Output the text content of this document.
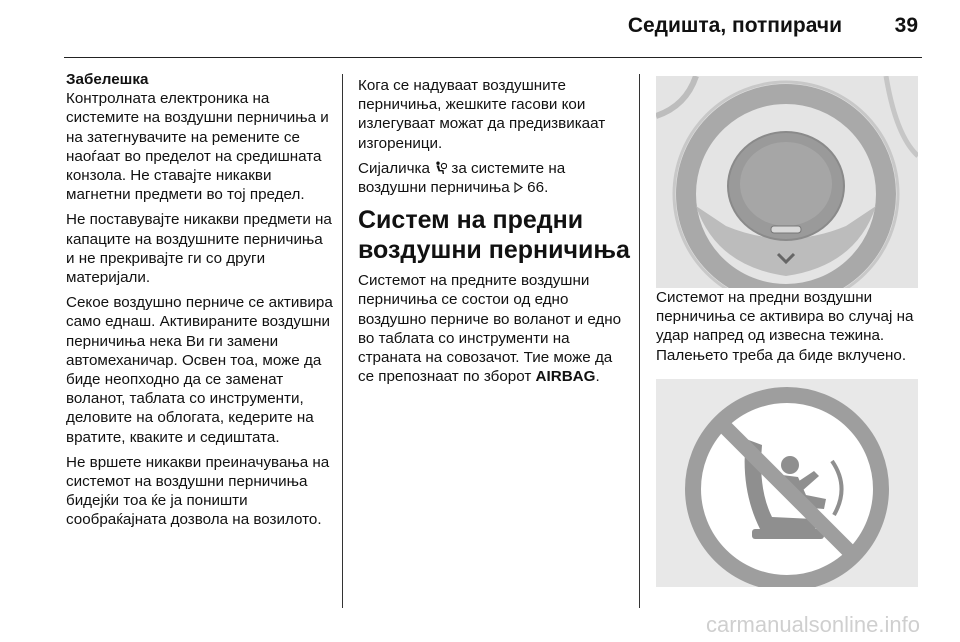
Седишта, потпирачи	39

Забелешка

Контролната електроника на системите на воздушни перничињa и на затегнувачите на ремените се наоѓаат во пределот на средишната конзола. Не ставајте никакви магнетни предмети во тој предел.

Не поставувајте никакви предмети на капаците на воздушните перничиња и не прекривајте ги со други материјали.

Секое воздушно перниче се активира само еднаш. Активираните воздушни перничиња нека Ви ги замени автомеханичар. Освен тоа, може да биде неопходно да се заменат воланот, таблата со инструменти, деловите на облогата, кедерите на вратите, кваките и седиштата.

Не вршете никакви преиначувања на системот на воздушни перничиња бидејќи тоа ќе ја поништи сообраќајната дозвола на возилото.

Кога се надуваат воздушните перничиња, жешките гасови кои излегуваат можат да предизвикаат изгореници.

Сијаличка  за системите на воздушни перничиња  66.

Систем на предни воздушни перничиња

Системот на предните воздушни перничиња се состои од едно воздушно перниче во воланот и едно во таблата со инструменти на страната на совозачот. Тие може да се препознаат по зборот AIRBAG.

Системот на предни воздушни перничиња се активира во случај на удар напред од извесна тежина. Палењето треба да биде вклучено.

carmanualsonline.info
